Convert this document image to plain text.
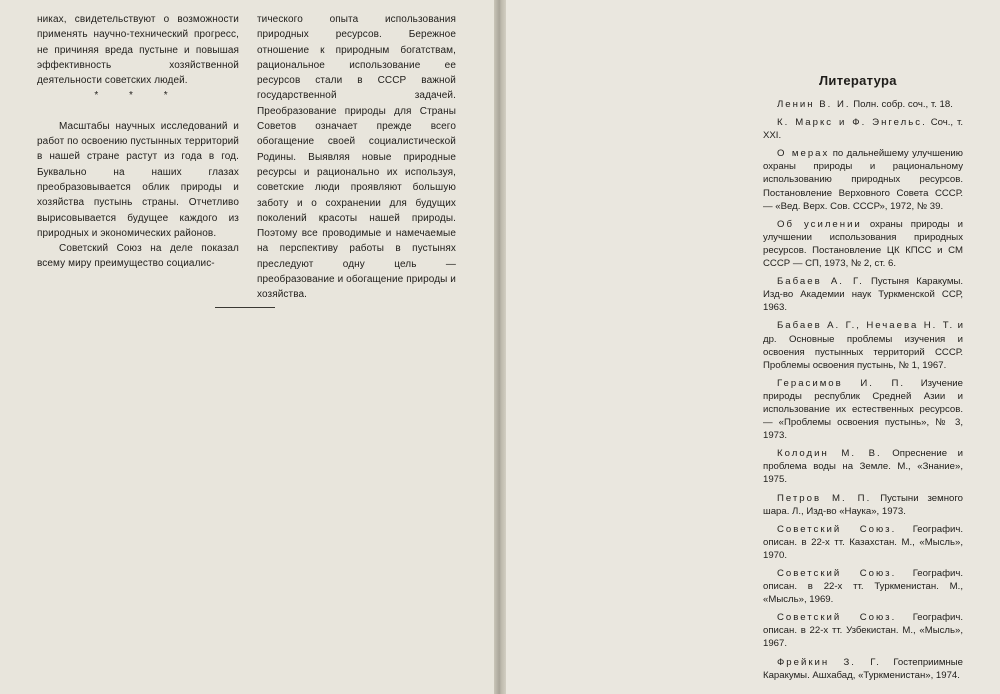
никах, свидетельствуют о возможности применять научно-технический прогресс, не причиняя вреда пустыне и повышая эффективность хозяйственной деятельности советских людей.

* * *

Масштабы научных исследований и работ по освоению пустынных территорий в нашей стране растут из года в год. Буквально на наших глазах преобразовывается облик природы и хозяйства пустынь страны. Отчетливо вырисовывается будущее каждого из природных и экономических районов.

Советский Союз на деле показал всему миру преимущество социалис-

тического опыта использования природных ресурсов. Бережное отношение к природным богатствам, рациональное использование ее ресурсов стали в СССР важной государственной задачей. Преобразование природы для Страны Советов означает прежде всего обогащение своей социалистической Родины. Выявляя новые природные ресурсы и рационально их используя, советские люди проявляют большую заботу и о сохранении для будущих поколений красоты нашей природы. Поэтому все проводимые и намечаемые на перспективу работы в пустынях преследуют одну цель — преобразование и обогащение природы и хозяйства.

Литература

Ленин В. И. Полн. собр. соч., т. 18.

К. Маркс и Ф. Энгельс. Соч., т. XXI.

О мерах по дальнейшему улучшению охраны природы и рациональному использованию природных ресурсов. Постановление Верховного Совета СССР. — «Вед. Верх. Сов. СССР», 1972, № 39.

Об усилении охраны природы и улучшении использования природных ресурсов. Постановление ЦК КПСС и СМ СССР — СП, 1973, № 2, ст. 6.

Бабаев А. Г. Пустыня Каракумы. Изд-во Академии наук Туркменской ССР, 1963.

Бабаев А. Г., Нечаева Н. Т. и др. Основные проблемы изучения и освоения пустынных территорий СССР. Проблемы освоения пустынь, № 1, 1967.

Герасимов И. П. Изучение природы республик Средней Азии и использование их естественных ресурсов. — «Проблемы освоения пустынь», № 3, 1973.

Колодин М. В. Опреснение и проблема воды на Земле. М., «Знание», 1975.

Петров М. П. Пустыни земного шара. Л., Изд-во «Наука», 1973.

Советский Союз. Географич. описан. в 22-х тт. Казахстан. М., «Мысль», 1970.

Советский Союз. Географич. описан. в 22-х тт. Туркменистан. М., «Мысль», 1969.

Советский Союз. Географич. описан. в 22-х тт. Узбекистан. М., «Мысль», 1967.

Фрейкин З. Г. Гостеприимные Каракумы. Ашхабад, «Туркменистан», 1974.
